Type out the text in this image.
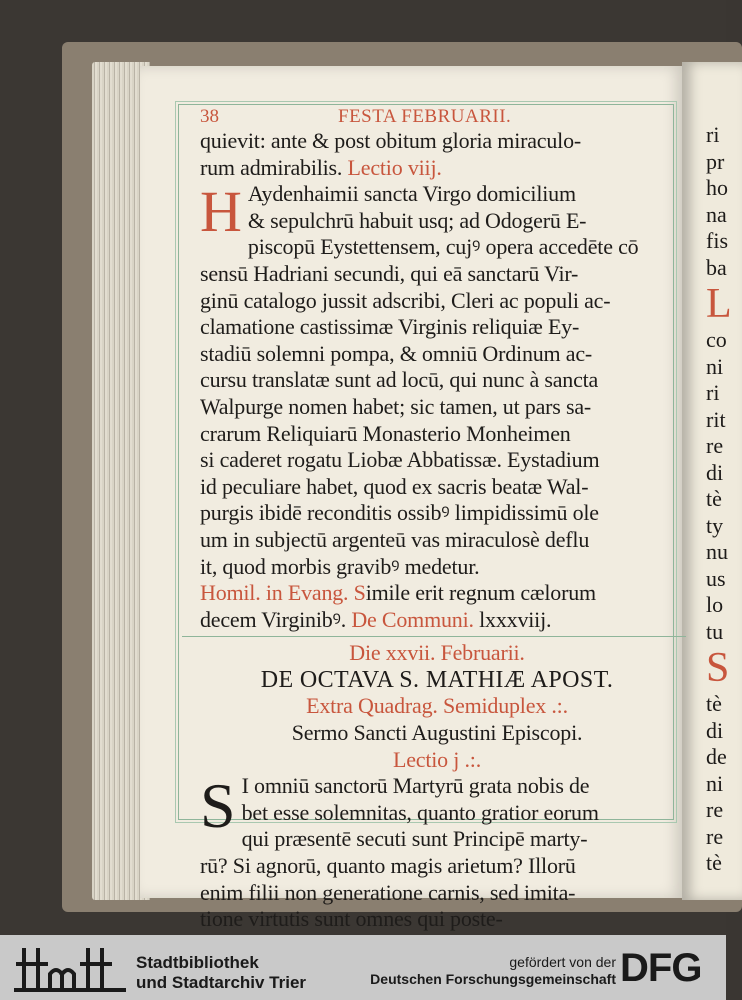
ri
pr
ho
na
fis
ba
L
co
ni
ri
rit
re
di
tè
ty
nu
us
lo
tu
S
tè
di
de
ni
re
re
tè
38	FESTA FEBRUARII.
quievit: ante & post obitum gloria miraculo-
rum admirabilis. Lectio viij.
H Aydenhaimii sancta Virgo domicilium
& sepulchrū habuit usq; ad Odogerū E-
piscopū Eystettensem, cujꝰ opera accedēte cō
sensū Hadriani secundi, qui eā sanctarū Vir-
ginū catalogo jussit adscribi, Cleri ac populi ac-
clamatione castissimæ Virginis reliquiæ Ey-
stadiū solemni pompa, & omniū Ordinum ac-
cursu translatæ sunt ad locū, qui nunc à sancta
Walpurge nomen habet; sic tamen, ut pars sa-
crarum Reliquiarū Monasterio Monheimen
si caderet rogatu Liobæ Abbatissæ. Eystadium
id peculiare habet, quod ex sacris beatæ Wal-
purgis ibidē reconditis ossibꝰ limpidissimū ole
um in subjectū argenteū vas miraculosè deflu
it, quod morbis gravibꝰ medetur.
Homil. in Evang. Simile erit regnum cælorum
decem Virginibꝰ. De Communi. lxxxviij.
Die xxvii. Februarii.
DE OCTAVA S. MATHIÆ APOST.
Extra Quadrag. Semiduplex .:.
Sermo Sancti Augustini Episcopi.
Lectio j .:.
S I omniū sanctorū Martyrū grata nobis de
bet esse solemnitas, quanto gratior eorum
qui præsentē secuti sunt Principē marty-
rū? Si agnorū, quanto magis arietum? Illorū
enim filii non generatione carnis, sed imita-
tione virtutis sunt omnes qui poste-
Stadtbibliothek
und Stadtarchiv Trier
gefördert von der
Deutschen Forschungsgemeinschaft DFG
